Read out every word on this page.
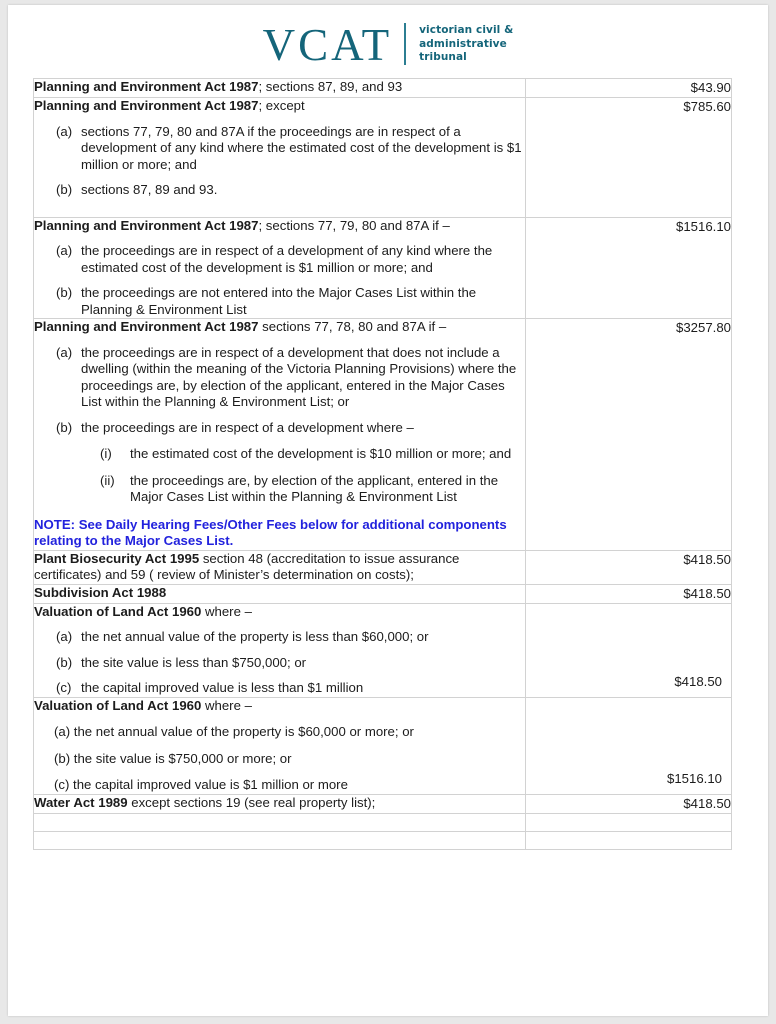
VCAT	victorian civil &
administrative
tribunal
Planning and Environment Act 1987; sections 87, 89, and 93	$43.90

Planning and Environment Act 1987; except
(a) sections 77, 79, 80 and 87A if the proceedings are in respect of a development of any kind where the estimated cost of the development is $1 million or more; and
(b) sections 87, 89 and 93.	$785.60

Planning and Environment Act 1987; sections 77, 79, 80 and 87A if –
(a) the proceedings are in respect of a development of any kind where the estimated cost of the development is $1 million or more; and
(b) the proceedings are not entered into the Major Cases List within the Planning & Environment List	$1516.10

Planning and Environment Act 1987 sections 77, 78, 80 and 87A if –
(a) the proceedings are in respect of a development that does not include a dwelling (within the meaning of the Victoria Planning Provisions) where the proceedings are, by election of the applicant, entered in the Major Cases List within the Planning & Environment List; or
(b) the proceedings are in respect of a development where –
(i)	the estimated cost of the development is $10 million or more; and
(ii)	the proceedings are, by election of the applicant, entered in the Major Cases List within the Planning & Environment List
NOTE: See Daily Hearing Fees/Other Fees below for additional components relating to the Major Cases List.
	$3257.80

Plant Biosecurity Act 1995 section 48 (accreditation to issue assurance certificates) and 59 ( review of Minister’s determination on costs);	$418.50

Subdivision Act 1988	$418.50

Valuation of Land Act 1960 where –
(a) the net annual value of the property is less than $60,000; or
(b) the site value is less than $750,000; or
(c) the capital improved value is less than $1 million	$418.50

Valuation of Land Act 1960 where –
(a) the net annual value of the property is $60,000 or more; or
(b) the site value is $750,000 or more; or
(c) the capital improved value is $1 million or more	$1516.10

Water Act 1989 except sections 19 (see real property list);	$418.50
